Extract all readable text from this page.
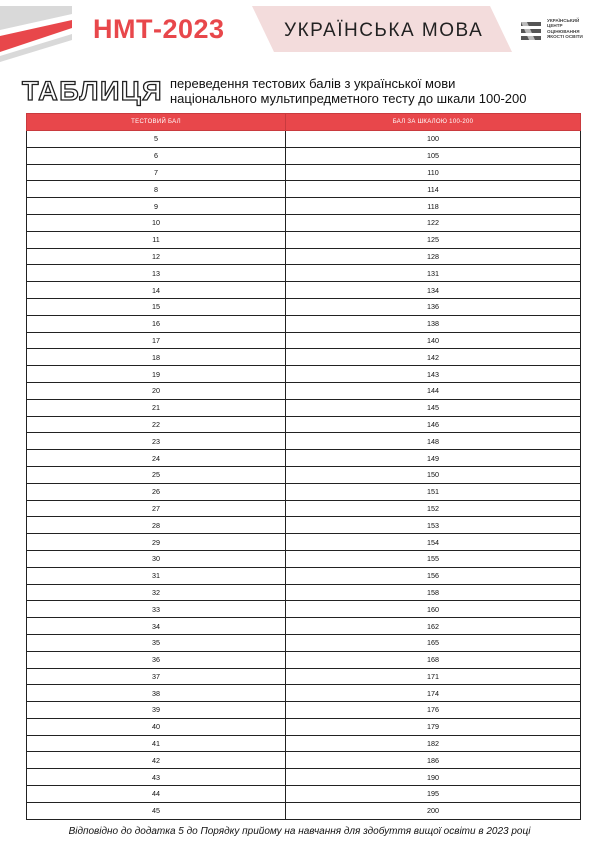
НМТ-2023	УКРАЇНСЬКА МОВА	УКРАЇНСЬКИЙ
ЦЕНТР
ОЦІНЮВАННЯ
ЯКОСТІ ОСВІТИ
ТАБЛИЦЯ переведення тестових балів з української мови
національного мультипредметного тесту до шкали 100-200
ТЕСТОВИЙ БАЛ	БАЛ ЗА ШКАЛОЮ 100-200
5	100
6	105
7	110
8	114
9	118
10	122
11	125
12	128
13	131
14	134
15	136
16	138
17	140
18	142
19	143
20	144
21	145
22	146
23	148
24	149
25	150
26	151
27	152
28	153
29	154
30	155
31	156
32	158
33	160
34	162
35	165
36	168
37	171
38	174
39	176
40	179
41	182
42	186
43	190
44	195
45	200
Відповідно до додатка 5 до Порядку прийому на навчання для здобуття вищої освіти в 2023 році
